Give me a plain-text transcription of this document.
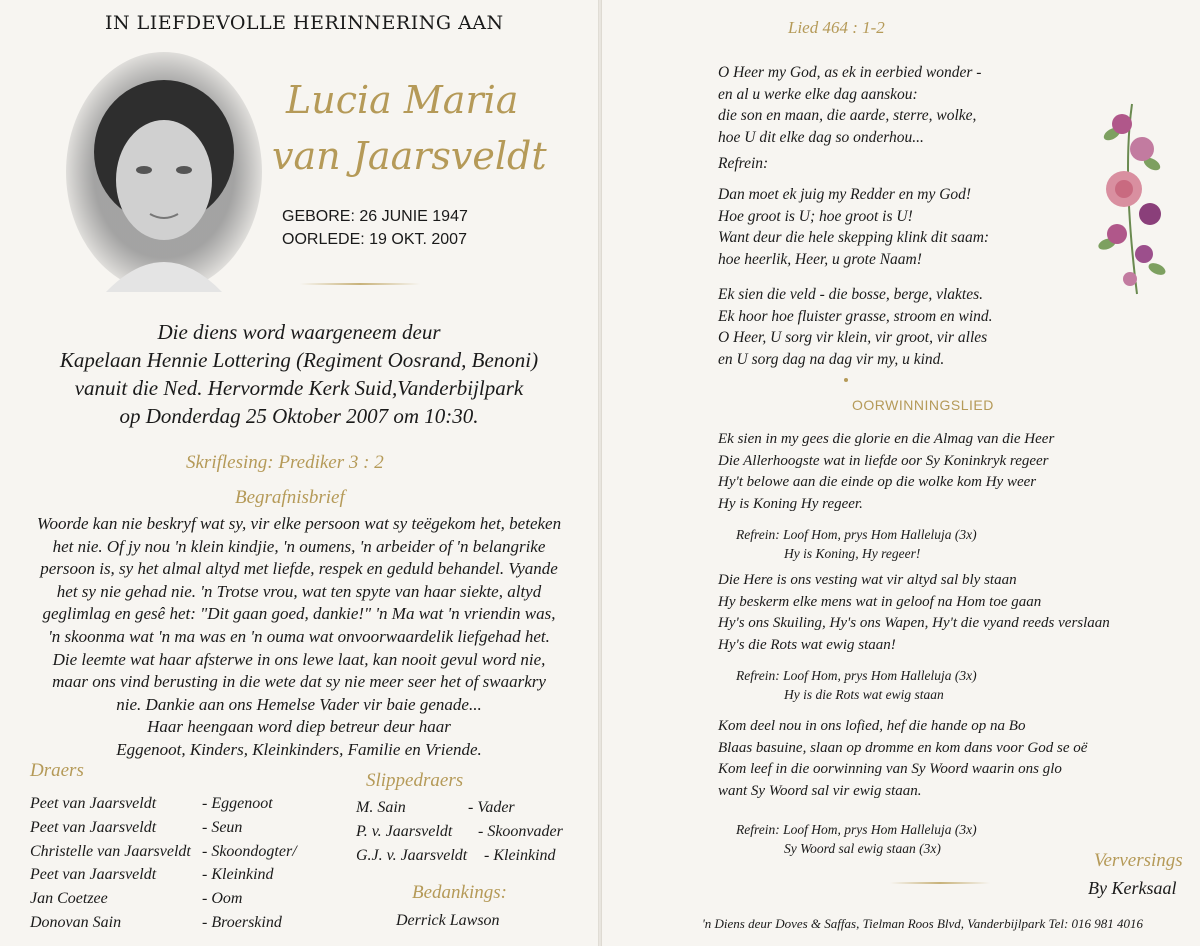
IN LIEFDEVOLLE HERINNERING AAN
Lucia Maria
van Jaarsveldt
GEBORE: 26 JUNIE 1947
OORLEDE: 19 OKT. 2007
Die diens word waargeneem deur
Kapelaan Hennie Lottering (Regiment Oosrand, Benoni)
vanuit die Ned. Hervormde Kerk Suid,Vanderbijlpark
op Donderdag 25 Oktober 2007 om 10:30.
Skriflesing: Prediker 3 : 2
Begrafnisbrief
Woorde kan nie beskryf wat sy, vir elke persoon wat sy teëgekom het, beteken
het nie. Of jy nou 'n klein kindjie, 'n oumens, 'n arbeider of 'n belangrike
persoon is, sy het almal altyd met liefde, respek en geduld behandel. Vyande
het sy nie gehad nie. 'n Trotse vrou, wat ten spyte van haar siekte, altyd
geglimlag en gesê het: "Dit gaan goed, dankie!" 'n Ma wat 'n vriendin was,
'n skoonma wat 'n ma was en 'n ouma wat onvoorwaardelik liefgehad het.
Die leemte wat haar afsterwe in ons lewe laat, kan nooit gevul word nie,
maar ons vind berusting in die wete dat sy nie meer seer het of swaarkry
nie. Dankie aan ons Hemelse Vader vir baie genade...
Haar heengaan word diep betreur deur haar
Eggenoot, Kinders, Kleinkinders, Familie en Vriende.
Draers
Peet van Jaarsveldt	- Eggenoot
Peet van Jaarsveldt	- Seun
Christelle van Jaarsveldt - Skoondogter/
Peet van Jaarsveldt	- Kleinkind
Jan Coetzee	- Oom
Donovan Sain	- Broerskind
Slippedraers
M. Sain	- Vader
P. v. Jaarsveldt - Skoonvader
G.J. v. Jaarsveldt - Kleinkind
Bedankings:
Derrick Lawson
Lied 464 : 1-2
O Heer my God, as ek in eerbied wonder -
en al u werke elke dag aanskou:
die son en maan, die aarde, sterre, wolke,
hoe U dit elke dag so onderhou...
Refrein:
Dan moet ek juig my Redder en my God!
Hoe groot is U; hoe groot is U!
Want deur die hele skepping klink dit saam:
hoe heerlik, Heer, u grote Naam!
Ek sien die veld - die bosse, berge, vlaktes.
Ek hoor hoe fluister grasse, stroom en wind.
O Heer, U sorg vir klein, vir groot, vir alles
en U sorg dag na dag vir my, u kind.
OORWINNINGSLIED
Ek sien in my gees die glorie en die Almag van die Heer
Die Allerhoogste wat in liefde oor Sy Koninkryk regeer
Hy't belowe aan die einde op die wolke kom Hy weer
Hy is Koning Hy regeer.
Refrein: Loof Hom, prys Hom Halleluja (3x)
Hy is Koning, Hy regeer!
Die Here is ons vesting wat vir altyd sal bly staan
Hy beskerm elke mens wat in geloof na Hom toe gaan
Hy's ons Skuiling, Hy's ons Wapen, Hy't die vyand reeds verslaan
Hy's die Rots wat ewig staan!
Refrein: Loof Hom, prys Hom Halleluja (3x)
Hy is die Rots wat ewig staan
Kom deel nou in ons lofied, hef die hande op na Bo
Blaas basuine, slaan op dromme en kom dans voor God se oë
Kom leef in die oorwinning van Sy Woord waarin ons glo
want Sy Woord sal vir ewig staan.
Refrein: Loof Hom, prys Hom Halleluja (3x)
Sy Woord sal ewig staan (3x)
Verversings
By Kerksaal
'n Diens deur Doves & Saffas, Tielman Roos Blvd, Vanderbijlpark Tel: 016 981 4016
